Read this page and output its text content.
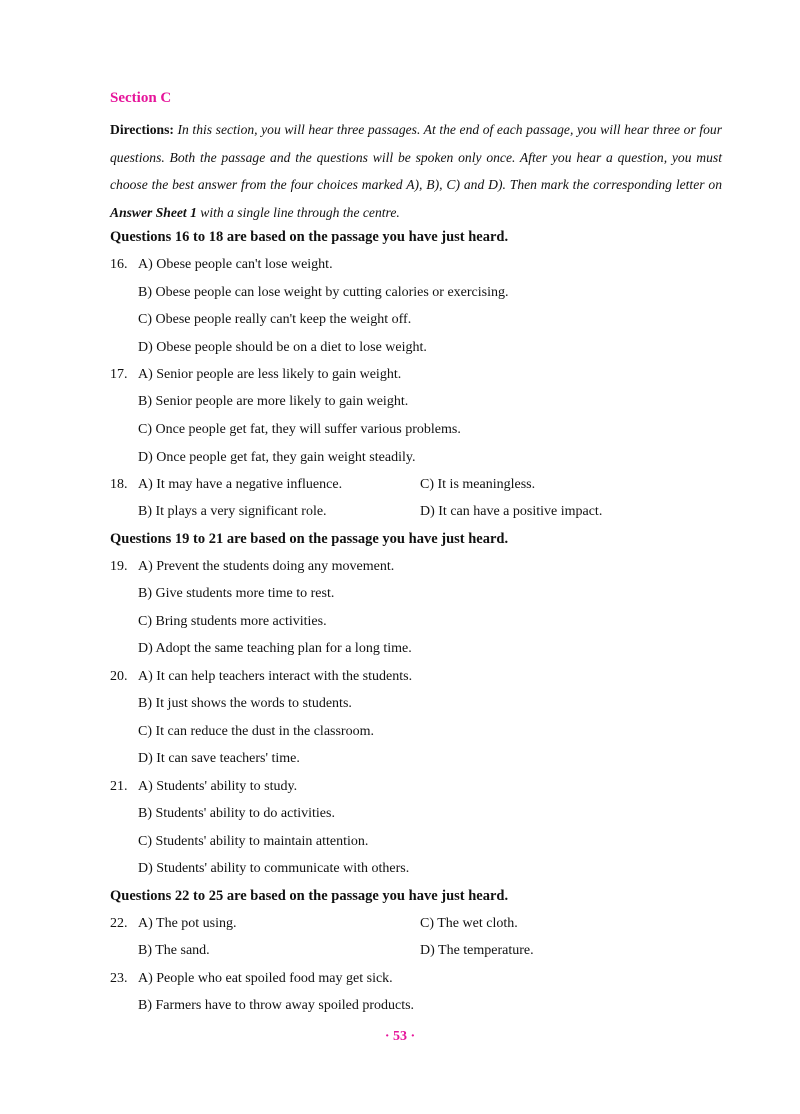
Section C
Directions: In this section, you will hear three passages. At the end of each passage, you will hear three or four questions. Both the passage and the questions will be spoken only once. After you hear a question, you must choose the best answer from the four choices marked A), B), C) and D). Then mark the corresponding letter on Answer Sheet 1 with a single line through the centre.
Questions 16 to 18 are based on the passage you have just heard.
16. A) Obese people can't lose weight.
B) Obese people can lose weight by cutting calories or exercising.
C) Obese people really can't keep the weight off.
D) Obese people should be on a diet to lose weight.
17. A) Senior people are less likely to gain weight.
B) Senior people are more likely to gain weight.
C) Once people get fat, they will suffer various problems.
D) Once people get fat, they gain weight steadily.
18. A) It may have a negative influence.	C) It is meaningless.
B) It plays a very significant role.	D) It can have a positive impact.
Questions 19 to 21 are based on the passage you have just heard.
19. A) Prevent the students doing any movement.
B) Give students more time to rest.
C) Bring students more activities.
D) Adopt the same teaching plan for a long time.
20. A) It can help teachers interact with the students.
B) It just shows the words to students.
C) It can reduce the dust in the classroom.
D) It can save teachers' time.
21. A) Students' ability to study.
B) Students' ability to do activities.
C) Students' ability to maintain attention.
D) Students' ability to communicate with others.
Questions 22 to 25 are based on the passage you have just heard.
22. A) The pot using.	C) The wet cloth.
B) The sand.	D) The temperature.
23. A) People who eat spoiled food may get sick.
B) Farmers have to throw away spoiled products.
· 53 ·
